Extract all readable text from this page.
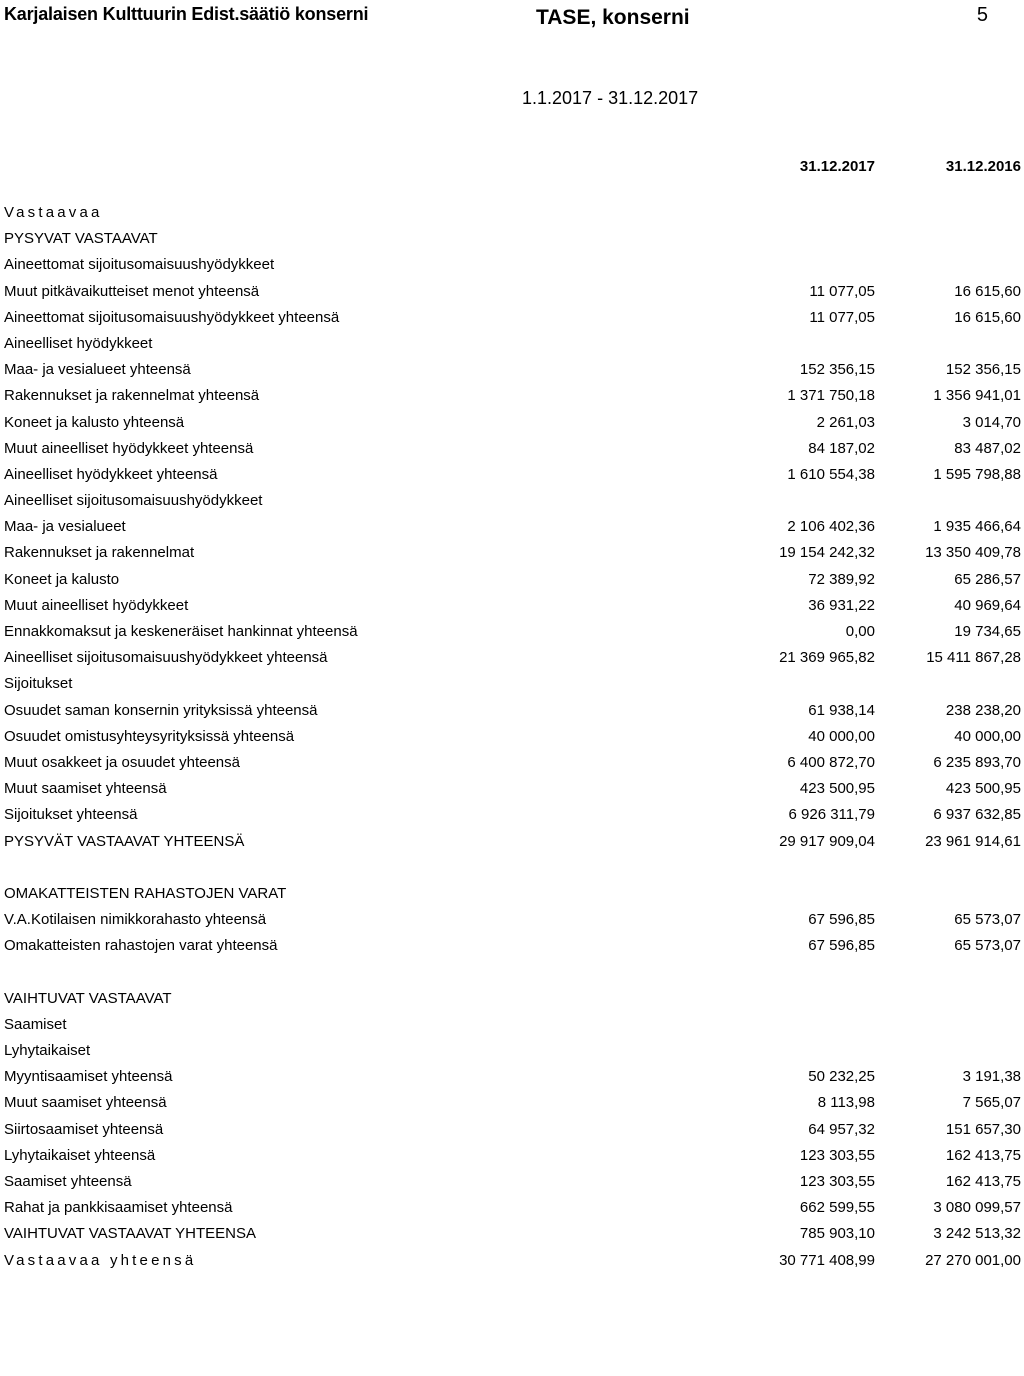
Karjalaisen Kulttuurin Edist.säätiö konserni	TASE, konserni	5
1.1.2017 - 31.12.2017
31.12.2017	31.12.2016
Vastaavaa
PYSYVAT VASTAAVAT
Aineettomat sijoitusomaisuushyödykkeet
Muut pitkävaikutteiset menot yhteensä	11 077,05	16 615,60
Aineettomat sijoitusomaisuushyödykkeet yhteensä	11 077,05	16 615,60
Aineelliset hyödykkeet
Maa- ja vesialueet yhteensä	152 356,15	152 356,15
Rakennukset ja rakennelmat yhteensä	1 371 750,18	1 356 941,01
Koneet ja kalusto yhteensä	2 261,03	3 014,70
Muut aineelliset hyödykkeet yhteensä	84 187,02	83 487,02
Aineelliset hyödykkeet yhteensä	1 610 554,38	1 595 798,88
Aineelliset sijoitusomaisuushyödykkeet
Maa- ja vesialueet	2 106 402,36	1 935 466,64
Rakennukset ja rakennelmat	19 154 242,32	13 350 409,78
Koneet ja kalusto	72 389,92	65 286,57
Muut aineelliset hyödykkeet	36 931,22	40 969,64
Ennakkomaksut ja keskeneräiset hankinnat yhteensä	0,00	19 734,65
Aineelliset sijoitusomaisuushyödykkeet yhteensä	21 369 965,82	15 411 867,28
Sijoitukset
Osuudet saman konsernin yrityksissä yhteensä	61 938,14	238 238,20
Osuudet omistusyhteysyrityksissä yhteensä	40 000,00	40 000,00
Muut osakkeet ja osuudet yhteensä	6 400 872,70	6 235 893,70
Muut saamiset yhteensä	423 500,95	423 500,95
Sijoitukset yhteensä	6 926 311,79	6 937 632,85
PYSYVÄT VASTAAVAT YHTEENSÄ	29 917 909,04	23 961 914,61
OMAKATTEISTEN RAHASTOJEN VARAT
V.A.Kotilaisen nimikkorahasto yhteensä	67 596,85	65 573,07
Omakatteisten rahastojen varat yhteensä	67 596,85	65 573,07
VAIHTUVAT VASTAAVAT
Saamiset
Lyhytaikaiset
Myyntisaamiset yhteensä	50 232,25	3 191,38
Muut saamiset yhteensä	8 113,98	7 565,07
Siirtosaamiset yhteensä	64 957,32	151 657,30
Lyhytaikaiset yhteensä	123 303,55	162 413,75
Saamiset yhteensä	123 303,55	162 413,75
Rahat ja pankkisaamiset yhteensä	662 599,55	3 080 099,57
VAIHTUVAT VASTAAVAT YHTEENSA	785 903,10	3 242 513,32
Vastaavaa yhteensä	30 771 408,99	27 270 001,00
